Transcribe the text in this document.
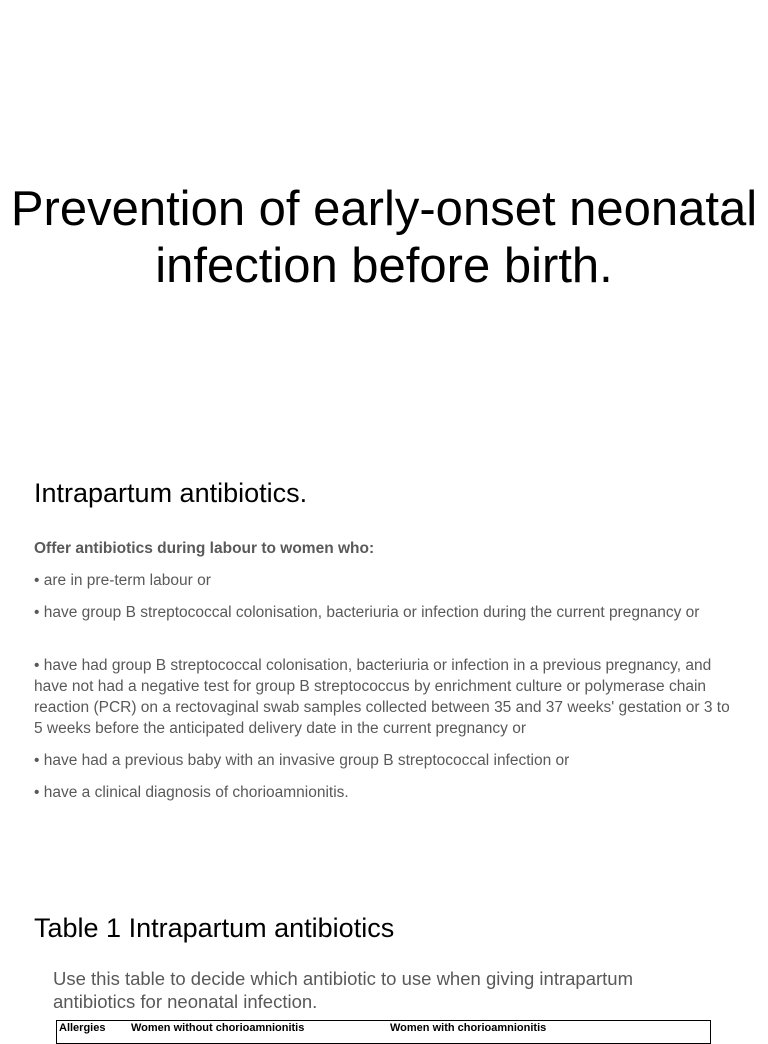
Prevention of early-onset neonatal infection before birth.
Intrapartum antibiotics.

Offer antibiotics during labour to women who:

• are in pre-term labour or

• have group B streptococcal colonisation, bacteriuria or infection during the current pregnancy or

• have had group B streptococcal colonisation, bacteriuria or infection in a previous pregnancy, and have not had a negative test for group B streptococcus by enrichment culture or polymerase chain reaction (PCR) on a rectovaginal swab samples collected between 35 and 37 weeks' gestation or 3 to 5 weeks before the anticipated delivery date in the current pregnancy or

• have had a previous baby with an invasive group B streptococcal infection or

• have a clinical diagnosis of chorioamnionitis.

Table 1 Intrapartum antibiotics

Use this table to decide which antibiotic to use when giving intrapartum antibiotics for neonatal infection.

Allergies Women without chorioamnionitis	Women with chorioamnionitis
